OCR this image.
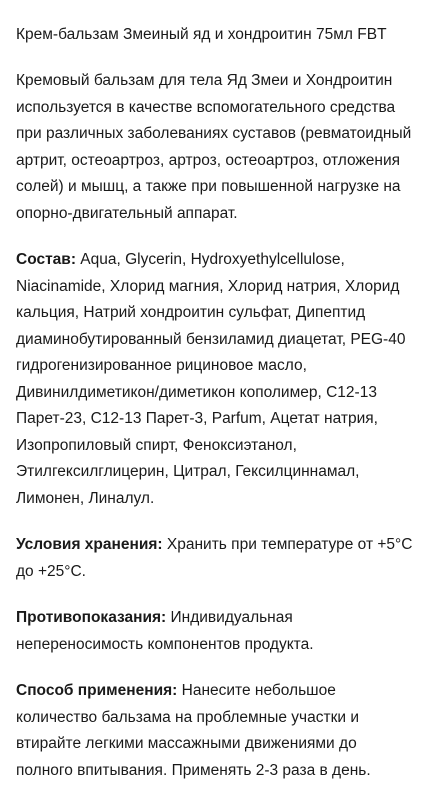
Крем-бальзам Змеиный яд и хондроитин 75мл FBT

Кремовый бальзам для тела Яд Змеи и Хондроитин используется в качестве вспомогательного средства при различных заболеваниях суставов (ревматоидный артрит, остеоартроз, артроз, остеоартроз, отложения солей) и мышц, а также при повышенной нагрузке на опорно-двигательный аппарат.

Состав: Aqua, Glycerin, Hydroxyethylcellulose, Niacinamide, Хлорид магния, Хлорид натрия, Хлорид кальция, Натрий хондроитин сульфат, Дипептид диаминобутированный бензиламид диацетат, PEG-40 гидрогенизированное рициновое масло, Дивинилдиметикон/диметикон кополимер, C12-13 Парет-23, C12-13 Парет-3, Parfum, Ацетат натрия, Изопропиловый спирт, Феноксиэтанол, Этилгексилглицерин, Цитрал, Гексилциннамал, Лимонен, Линалул.

Условия хранения: Хранить при температуре от +5°С до +25°С.

Противопоказания: Индивидуальная непереносимость компонентов продукта.

Способ применения: Нанесите небольшое количество бальзама на проблемные участки и втирайте легкими массажными движениями до полного впитывания. Применять 2-3 раза в день.
